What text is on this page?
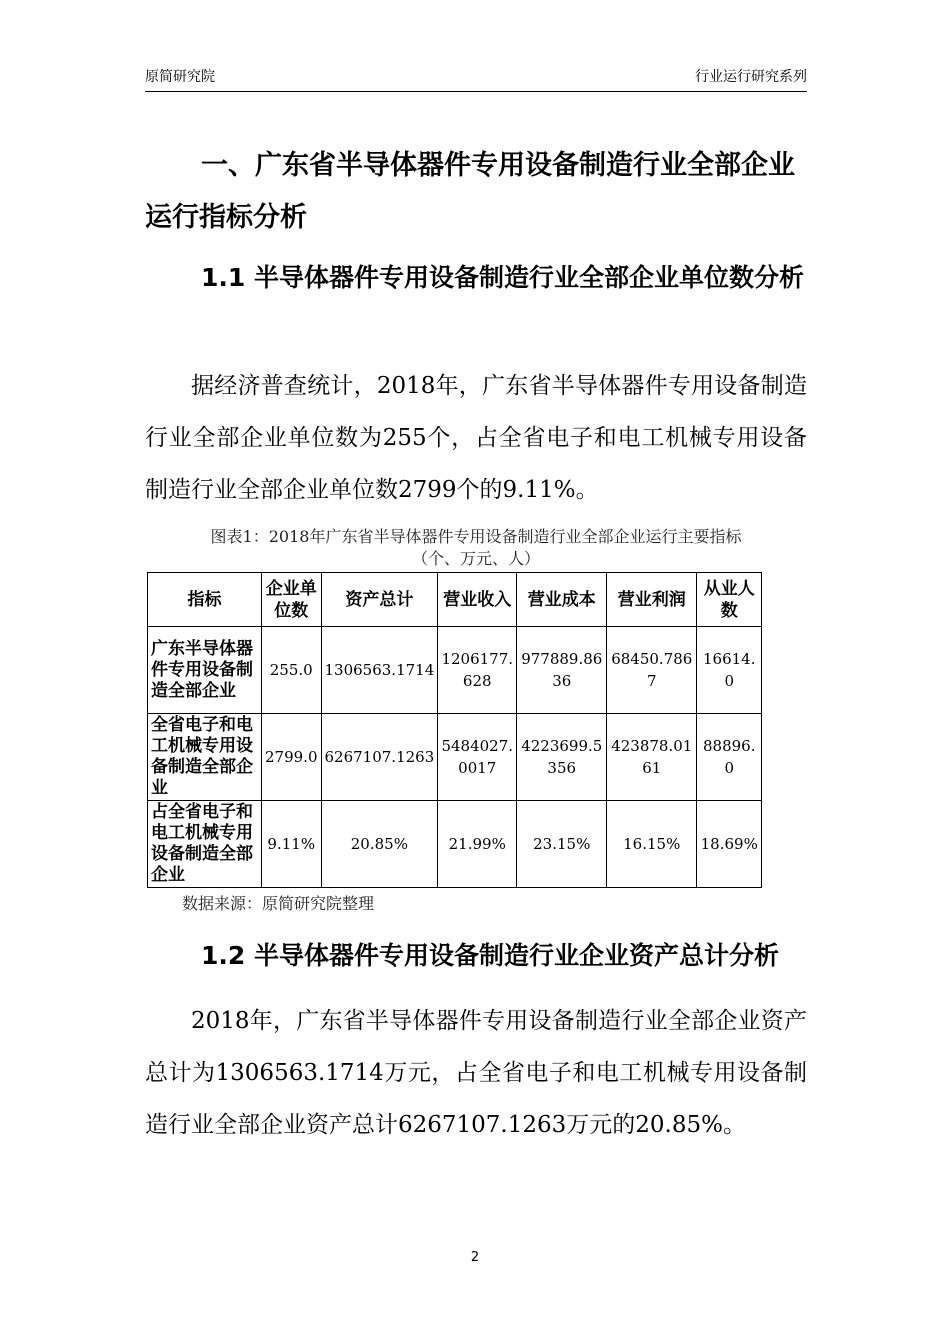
原简研究院	行业运行研究系列
一、广东省半导体器件专用设备制造行业全部企业运行指标分析
1.1 半导体器件专用设备制造行业全部企业单位数分析
据经济普查统计，2018年，广东省半导体器件专用设备制造行业全部企业单位数为255个，占全省电子和电工机械专用设备制造行业全部企业单位数2799个的9.11%。
图表1：2018年广东省半导体器件专用设备制造行业全部企业运行主要指标
（个、万元、人）
指标	企业单位数	资产总计	营业收入	营业成本	营业利润	从业人数
广东半导体器件专用设备制造全部企业	255.0	1306563.1714	1206177.628	977889.8636	68450.7867	16614.0
全省电子和电工机械专用设备制造全部企业	2799.0	6267107.1263	5484027.0017	4223699.5356	423878.0161	88896.0
占全省电子和电工机械专用设备制造全部企业	9.11%	20.85%	21.99%	23.15%	16.15%	18.69%
数据来源：原简研究院整理
1.2 半导体器件专用设备制造行业企业资产总计分析
2018年，广东省半导体器件专用设备制造行业全部企业资产总计为1306563.1714万元，占全省电子和电工机械专用设备制造行业全部企业资产总计6267107.1263万元的20.85%。
2
